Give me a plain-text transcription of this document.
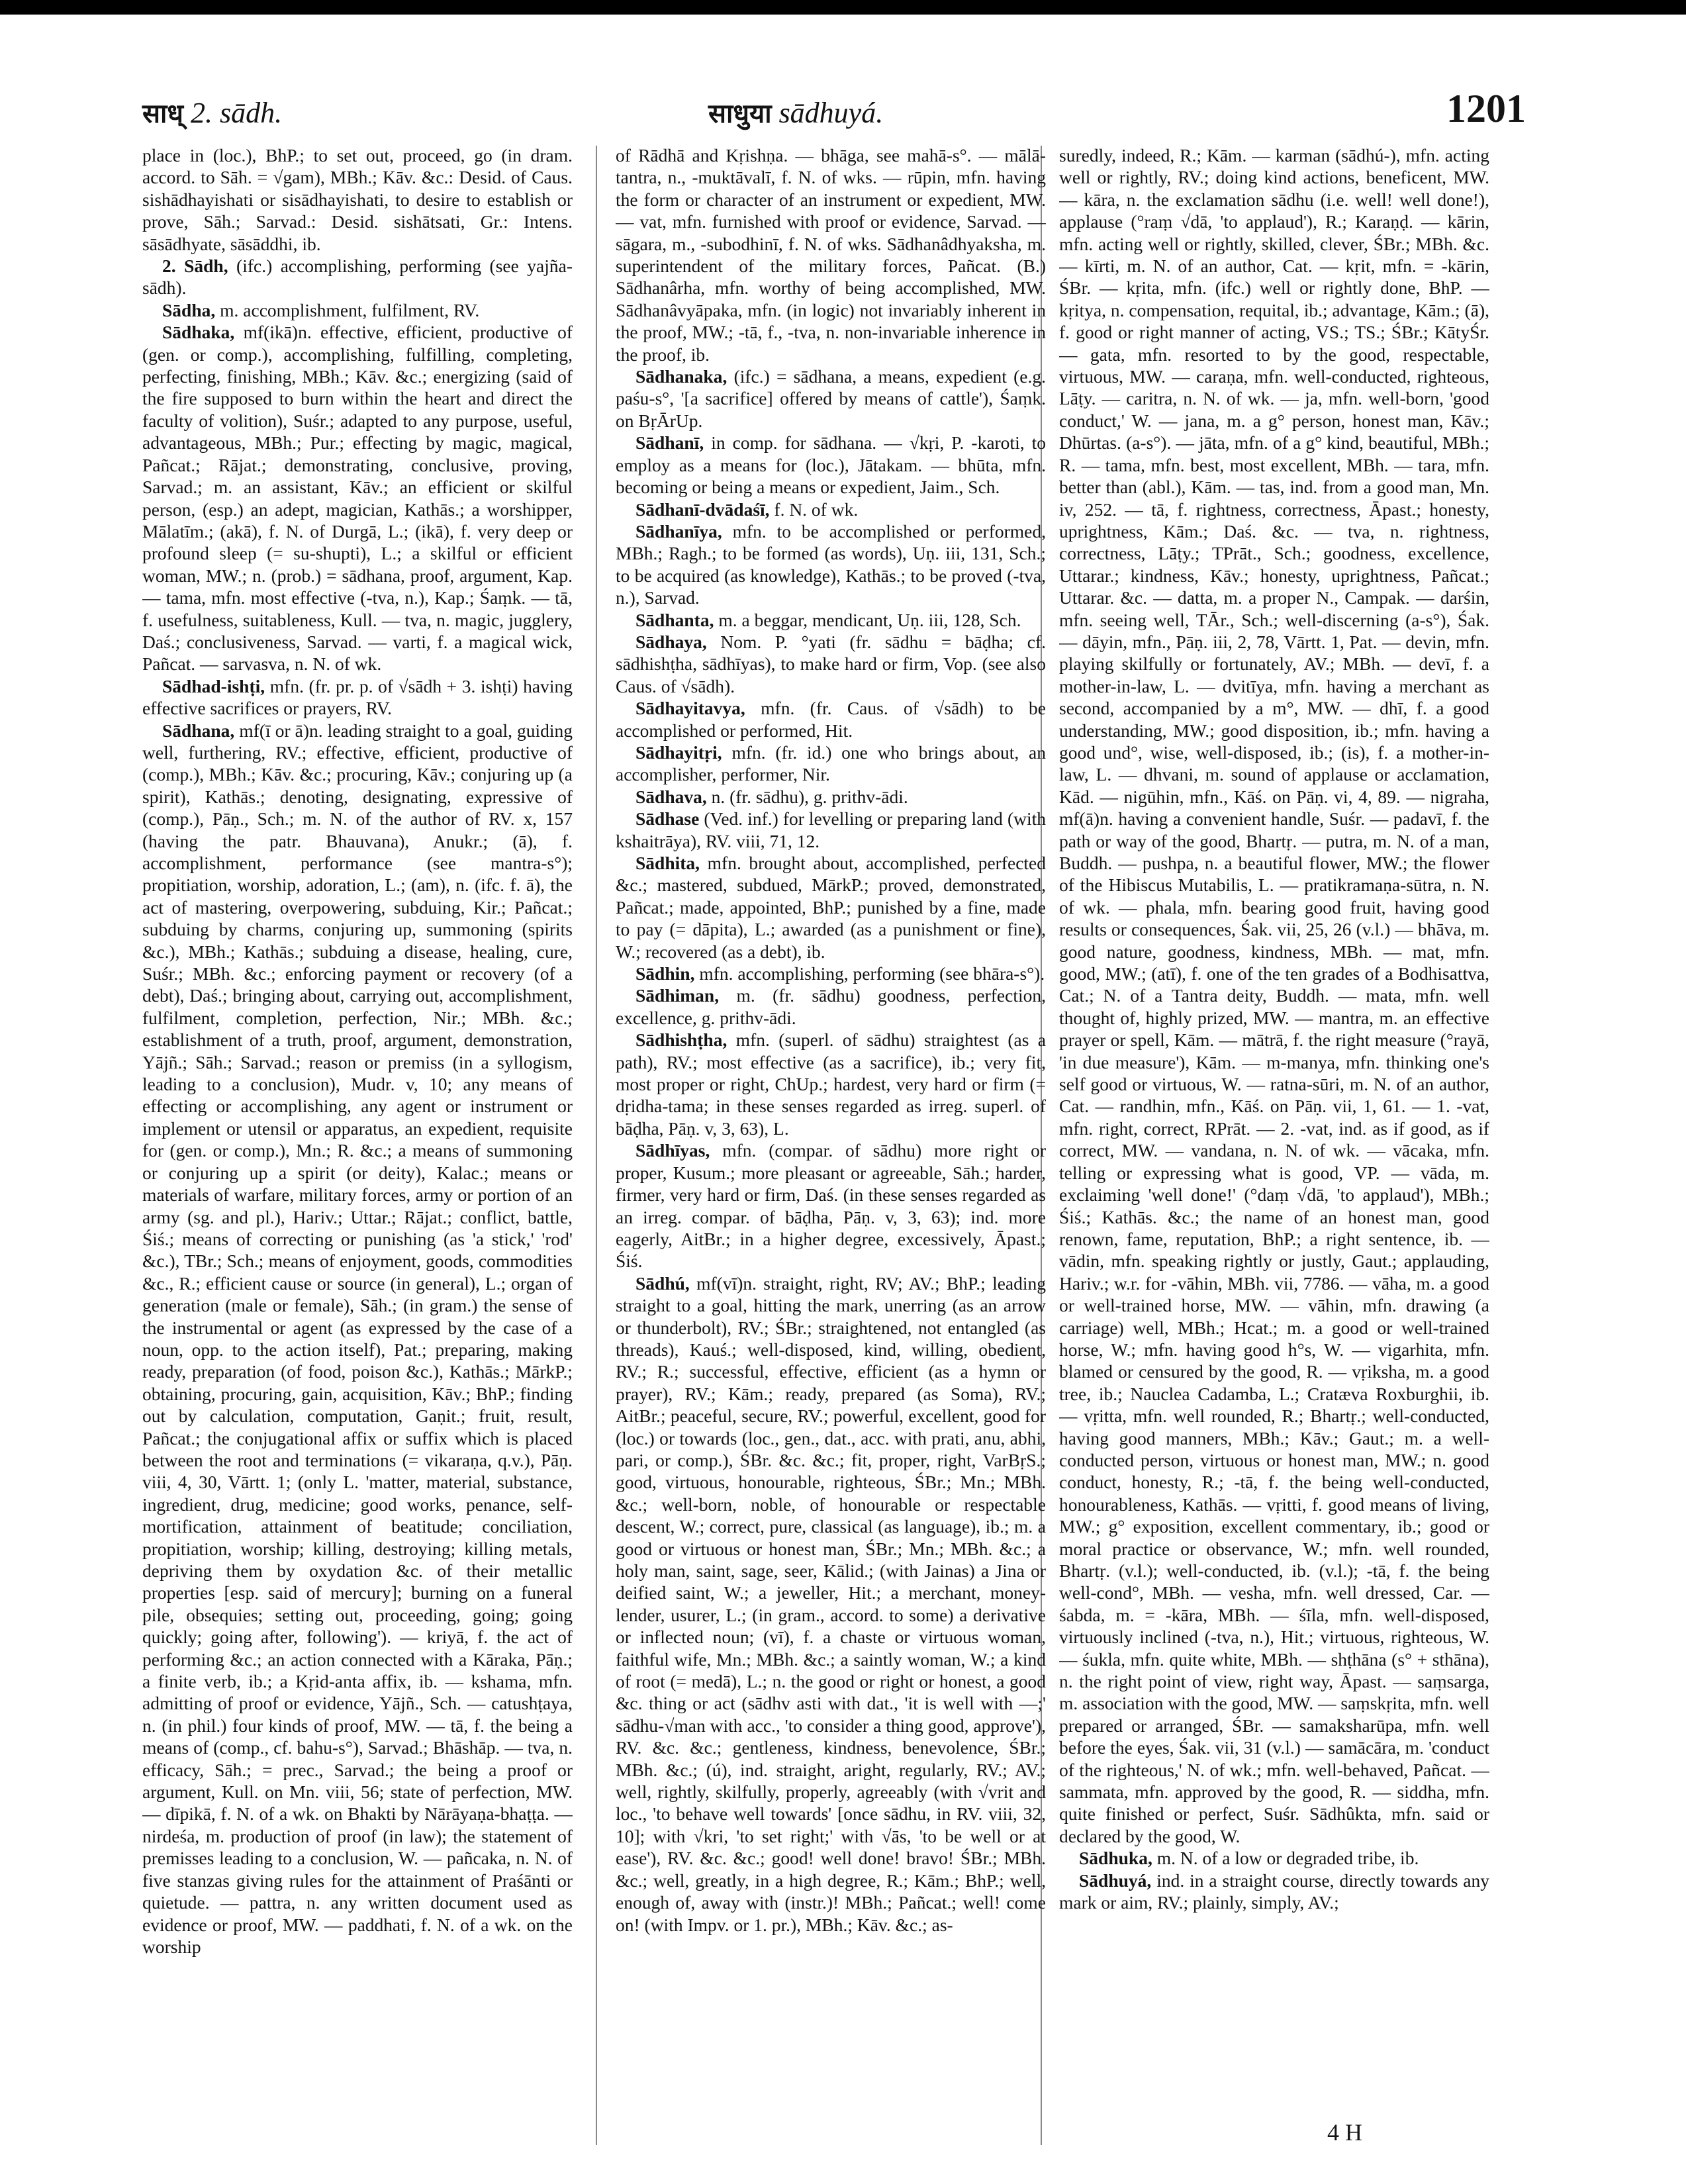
साध् 2. sādh.	साधुया sādhuyá.	1201

place in (loc.), BhP.; to set out, proceed, go (in dram. accord. to Sāh. = √gam), MBh.; Kāv. &c.: Desid. of Caus. sishādhayishati or sisādhayishati, to desire to establish or prove, Sāh.; Sarvad.: Desid. sishātsati, Gr.: Intens. sāsādhyate, sāsāddhi, ib.

2. Sādh, (ifc.) accomplishing, performing (see yajña-sādh).

Sādha, m. accomplishment, fulfilment, RV.

Sādhaka, mf(ikā)n. effective, efficient, productive of (gen. or comp.), accomplishing, fulfilling, completing, perfecting, finishing, MBh.; Kāv. &c.; energizing (said of the fire supposed to burn within the heart and direct the faculty of volition), Suśr.; adapted to any purpose, useful, advantageous, MBh.; Pur.; effecting by magic, magical, Pañcat.; Rājat.; demonstrating, conclusive, proving, Sarvad.; m. an assistant, Kāv.; an efficient or skilful person, (esp.) an adept, magician, Kathās.; a worshipper, Mālatīm.; (akā), f. N. of Durgā, L.; (ikā), f. very deep or profound sleep (= su-shupti), L.; a skilful or efficient woman, MW.; n. (prob.) = sādhana, proof, argument, Kap. — tama, mfn. most effective (-tva, n.), Kap.; Śaṃk. — tā, f. usefulness, suitableness, Kull. — tva, n. magic, jugglery, Daś.; conclusiveness, Sarvad. — varti, f. a magical wick, Pañcat. — sarvasva, n. N. of wk.

Sādhad-ishṭi, mfn. (fr. pr. p. of √sādh + 3. ishṭi) having effective sacrifices or prayers, RV.

Sādhana, mf(ī or ā)n. leading straight to a goal, guiding well, furthering, RV.; effective, efficient, productive of (comp.), MBh.; Kāv. &c.; procuring, Kāv.; conjuring up (a spirit), Kathās.; denoting, designating, expressive of (comp.), Pāṇ., Sch.; m. N. of the author of RV. x, 157 (having the patr. Bhauvana), Anukr.; (ā), f. accomplishment, performance (see mantra-s°); propitiation, worship, adoration, L.; (am), n. (ifc. f. ā), the act of mastering, overpowering, subduing, Kir.; Pañcat.; subduing by charms, conjuring up, summoning (spirits &c.), MBh.; Kathās.; subduing a disease, healing, cure, Suśr.; MBh. &c.; enforcing payment or recovery (of a debt), Daś.; bringing about, carrying out, accomplishment, fulfilment, completion, perfection, Nir.; MBh. &c.; establishment of a truth, proof, argument, demonstration, Yājñ.; Sāh.; Sarvad.; reason or premiss (in a syllogism, leading to a conclusion), Mudr. v, 10; any means of effecting or accomplishing, any agent or instrument or implement or utensil or apparatus, an expedient, requisite for (gen. or comp.), Mn.; R. &c.; a means of summoning or conjuring up a spirit (or deity), Kalac.; means or materials of warfare, military forces, army or portion of an army (sg. and pl.), Hariv.; Uttar.; Rājat.; conflict, battle, Śiś.; means of correcting or punishing (as 'a stick,' 'rod' &c.), TBr.; Sch.; means of enjoyment, goods, commodities &c., R.; efficient cause or source (in general), L.; organ of generation (male or female), Sāh.; (in gram.) the sense of the instrumental or agent (as expressed by the case of a noun, opp. to the action itself), Pat.; preparing, making ready, preparation (of food, poison &c.), Kathās.; MārkP.; obtaining, procuring, gain, acquisition, Kāv.; BhP.; finding out by calculation, computation, Gaṇit.; fruit, result, Pañcat.; the conjugational affix or suffix which is placed between the root and terminations (= vikaraṇa, q.v.), Pāṇ. viii, 4, 30, Vārtt. 1; (only L. 'matter, material, substance, ingredient, drug, medicine; good works, penance, self-mortification, attainment of beatitude; conciliation, propitiation, worship; killing, destroying; killing metals, depriving them by oxydation &c. of their metallic properties [esp. said of mercury]; burning on a funeral pile, obsequies; setting out, proceeding, going; going quickly; going after, following'). — kriyā, f. the act of performing &c.; an action connected with a Kāraka, Pāṇ.; a finite verb, ib.; a Kṛid-anta affix, ib. — kshama, mfn. admitting of proof or evidence, Yājñ., Sch. — catushṭaya, n. (in phil.) four kinds of proof, MW. — tā, f. the being a means of (comp., cf. bahu-s°), Sarvad.; Bhāshāp. — tva, n. efficacy, Sāh.; = prec., Sarvad.; the being a proof or argument, Kull. on Mn. viii, 56; state of perfection, MW. — dīpikā, f. N. of a wk. on Bhakti by Nārāyaṇa-bhaṭṭa. — nirdeśa, m. production of proof (in law); the statement of premisses leading to a conclusion, W. — pañcaka, n. N. of five stanzas giving rules for the attainment of Praśānti or quietude. — pattra, n. any written document used as evidence or proof, MW. — paddhati, f. N. of a wk. on the worship

of Rādhā and Kṛishṇa. — bhāga, see mahā-s°. — mālā-tantra, n., -muktāvalī, f. N. of wks. — rūpin, mfn. having the form or character of an instrument or expedient, MW. — vat, mfn. furnished with proof or evidence, Sarvad. — sāgara, m., -subodhinī, f. N. of wks. Sādhanâdhyaksha, m. superintendent of the military forces, Pañcat. (B.) Sādhanârha, mfn. worthy of being accomplished, MW. Sādhanâvyāpaka, mfn. (in logic) not invariably inherent in the proof, MW.; -tā, f., -tva, n. non-invariable inherence in the proof, ib.

Sādhanaka, (ifc.) = sādhana, a means, expedient (e.g. paśu-s°, '[a sacrifice] offered by means of cattle'), Śaṃk. on BṛĀrUp.

Sādhanī, in comp. for sādhana. — √kṛi, P. -karoti, to employ as a means for (loc.), Jātakam. — bhūta, mfn. becoming or being a means or expedient, Jaim., Sch.

Sādhanī-dvādaśī, f. N. of wk.

Sādhanīya, mfn. to be accomplished or performed, MBh.; Ragh.; to be formed (as words), Uṇ. iii, 131, Sch.; to be acquired (as knowledge), Kathās.; to be proved (-tva, n.), Sarvad.

Sādhanta, m. a beggar, mendicant, Uṇ. iii, 128, Sch.

Sādhaya, Nom. P. °yati (fr. sādhu = bāḍha; cf. sādhishṭha, sādhīyas), to make hard or firm, Vop. (see also Caus. of √sādh).

Sādhayitavya, mfn. (fr. Caus. of √sādh) to be accomplished or performed, Hit.

Sādhayitṛi, mfn. (fr. id.) one who brings about, an accomplisher, performer, Nir.

Sādhava, n. (fr. sādhu), g. prithv-ādi.

Sādhase (Ved. inf.) for levelling or preparing land (with kshaitrāya), RV. viii, 71, 12.

Sādhita, mfn. brought about, accomplished, perfected &c.; mastered, subdued, MārkP.; proved, demonstrated, Pañcat.; made, appointed, BhP.; punished by a fine, made to pay (= dāpita), L.; awarded (as a punishment or fine), W.; recovered (as a debt), ib.

Sādhin, mfn. accomplishing, performing (see bhāra-s°).

Sādhiman, m. (fr. sādhu) goodness, perfection, excellence, g. prithv-ādi.

Sādhishṭha, mfn. (superl. of sādhu) straightest (as a path), RV.; most effective (as a sacrifice), ib.; very fit, most proper or right, ChUp.; hardest, very hard or firm (= dṛidha-tama; in these senses regarded as irreg. superl. of bāḍha, Pāṇ. v, 3, 63), L.

Sādhīyas, mfn. (compar. of sādhu) more right or proper, Kusum.; more pleasant or agreeable, Sāh.; harder, firmer, very hard or firm, Daś. (in these senses regarded as an irreg. compar. of bāḍha, Pāṇ. v, 3, 63); ind. more eagerly, AitBr.; in a higher degree, excessively, Āpast.; Śiś.

Sādhú, mf(vī)n. straight, right, RV; AV.; BhP.; leading straight to a goal, hitting the mark, unerring (as an arrow or thunderbolt), RV.; ŚBr.; straightened, not entangled (as threads), Kauś.; well-disposed, kind, willing, obedient, RV.; R.; successful, effective, efficient (as a hymn or prayer), RV.; Kām.; ready, prepared (as Soma), RV.; AitBr.; peaceful, secure, RV.; powerful, excellent, good for (loc.) or towards (loc., gen., dat., acc. with prati, anu, abhi, pari, or comp.), ŚBr. &c. &c.; fit, proper, right, VarBṛS.; good, virtuous, honourable, righteous, ŚBr.; Mn.; MBh. &c.; well-born, noble, of honourable or respectable descent, W.; correct, pure, classical (as language), ib.; m. a good or virtuous or honest man, ŚBr.; Mn.; MBh. &c.; a holy man, saint, sage, seer, Kālid.; (with Jainas) a Jina or deified saint, W.; a jeweller, Hit.; a merchant, money-lender, usurer, L.; (in gram., accord. to some) a derivative or inflected noun; (vī), f. a chaste or virtuous woman, faithful wife, Mn.; MBh. &c.; a saintly woman, W.; a kind of root (= medā), L.; n. the good or right or honest, a good &c. thing or act (sādhv asti with dat., 'it is well with —;' sādhu-√man with acc., 'to consider a thing good, approve'), RV. &c. &c.; gentleness, kindness, benevolence, ŚBr.; MBh. &c.; (ú), ind. straight, aright, regularly, RV.; AV.; well, rightly, skilfully, properly, agreeably (with √vrit and loc., 'to behave well towards' [once sādhu, in RV. viii, 32, 10]; with √kri, 'to set right;' with √ās, 'to be well or at ease'), RV. &c. &c.; good! well done! bravo! ŚBr.; MBh. &c.; well, greatly, in a high degree, R.; Kām.; BhP.; well, enough of, away with (instr.)! MBh.; Pañcat.; well! come on! (with Impv. or 1. pr.), MBh.; Kāv. &c.; as-

suredly, indeed, R.; Kām. — karman (sādhú-), mfn. acting well or rightly, RV.; doing kind actions, beneficent, MW. — kāra, n. the exclamation sādhu (i.e. well! well done!), applause (°raṃ √dā, 'to applaud'), R.; Karaṇḍ. — kārin, mfn. acting well or rightly, skilled, clever, ŚBr.; MBh. &c. — kīrti, m. N. of an author, Cat. — kṛit, mfn. = -kārin, ŚBr. — kṛita, mfn. (ifc.) well or rightly done, BhP. — kṛitya, n. compensation, requital, ib.; advantage, Kām.; (ā), f. good or right manner of acting, VS.; TS.; ŚBr.; KātyŚr. — gata, mfn. resorted to by the good, respectable, virtuous, MW. — caraṇa, mfn. well-conducted, righteous, Lāṭy. — caritra, n. N. of wk. — ja, mfn. well-born, 'good conduct,' W. — jana, m. a g° person, honest man, Kāv.; Dhūrtas. (a-s°). — jāta, mfn. of a g° kind, beautiful, MBh.; R. — tama, mfn. best, most excellent, MBh. — tara, mfn. better than (abl.), Kām. — tas, ind. from a good man, Mn. iv, 252. — tā, f. rightness, correctness, Āpast.; honesty, uprightness, Kām.; Daś. &c. — tva, n. rightness, correctness, Lāṭy.; TPrāt., Sch.; goodness, excellence, Uttarar.; kindness, Kāv.; honesty, uprightness, Pañcat.; Uttarar. &c. — datta, m. a proper N., Campak. — darśin, mfn. seeing well, TĀr., Sch.; well-discerning (a-s°), Śak. — dāyin, mfn., Pāṇ. iii, 2, 78, Vārtt. 1, Pat. — devin, mfn. playing skilfully or fortunately, AV.; MBh. — devī, f. a mother-in-law, L. — dvitīya, mfn. having a merchant as second, accompanied by a m°, MW. — dhī, f. a good understanding, MW.; good disposition, ib.; mfn. having a good und°, wise, well-disposed, ib.; (is), f. a mother-in-law, L. — dhvani, m. sound of applause or acclamation, Kād. — nigūhin, mfn., Kāś. on Pāṇ. vi, 4, 89. — nigraha, mf(ā)n. having a convenient handle, Suśr. — padavī, f. the path or way of the good, Bhartṛ. — putra, m. N. of a man, Buddh. — pushpa, n. a beautiful flower, MW.; the flower of the Hibiscus Mutabilis, L. — pratikramaṇa-sūtra, n. N. of wk. — phala, mfn. bearing good fruit, having good results or consequences, Śak. vii, 25, 26 (v.l.) — bhāva, m. good nature, goodness, kindness, MBh. — mat, mfn. good, MW.; (atī), f. one of the ten grades of a Bodhisattva, Cat.; N. of a Tantra deity, Buddh. — mata, mfn. well thought of, highly prized, MW. — mantra, m. an effective prayer or spell, Kām. — mātrā, f. the right measure (°rayā, 'in due measure'), Kām. — m-manya, mfn. thinking one's self good or virtuous, W. — ratna-sūri, m. N. of an author, Cat. — randhin, mfn., Kāś. on Pāṇ. vii, 1, 61. — 1. -vat, mfn. right, correct, RPrāt. — 2. -vat, ind. as if good, as if correct, MW. — vandana, n. N. of wk. — vācaka, mfn. telling or expressing what is good, VP. — vāda, m. exclaiming 'well done!' (°daṃ √dā, 'to applaud'), MBh.; Śiś.; Kathās. &c.; the name of an honest man, good renown, fame, reputation, BhP.; a right sentence, ib. — vādin, mfn. speaking rightly or justly, Gaut.; applauding, Hariv.; w.r. for -vāhin, MBh. vii, 7786. — vāha, m. a good or well-trained horse, MW. — vāhin, mfn. drawing (a carriage) well, MBh.; Hcat.; m. a good or well-trained horse, W.; mfn. having good h°s, W. — vigarhita, mfn. blamed or censured by the good, R. — vṛiksha, m. a good tree, ib.; Nauclea Cadamba, L.; Cratæva Roxburghii, ib. — vṛitta, mfn. well rounded, R.; Bhartṛ.; well-conducted, having good manners, MBh.; Kāv.; Gaut.; m. a well-conducted person, virtuous or honest man, MW.; n. good conduct, honesty, R.; -tā, f. the being well-conducted, honourableness, Kathās. — vṛitti, f. good means of living, MW.; g° exposition, excellent commentary, ib.; good or moral practice or observance, W.; mfn. well rounded, Bhartṛ. (v.l.); well-conducted, ib. (v.l.); -tā, f. the being well-cond°, MBh. — vesha, mfn. well dressed, Car. — śabda, m. = -kāra, MBh. — śīla, mfn. well-disposed, virtuously inclined (-tva, n.), Hit.; virtuous, righteous, W. — śukla, mfn. quite white, MBh. — shṭhāna (s° + sthāna), n. the right point of view, right way, Āpast. — saṃsarga, m. association with the good, MW. — saṃskṛita, mfn. well prepared or arranged, ŚBr. — samaksharūpa, mfn. well before the eyes, Śak. vii, 31 (v.l.) — samācāra, m. 'conduct of the righteous,' N. of wk.; mfn. well-behaved, Pañcat. — sammata, mfn. approved by the good, R. — siddha, mfn. quite finished or perfect, Suśr. Sādhûkta, mfn. said or declared by the good, W.

Sādhuka, m. N. of a low or degraded tribe, ib.

Sādhuyá, ind. in a straight course, directly towards any mark or aim, RV.; plainly, simply, AV.;

4 H
